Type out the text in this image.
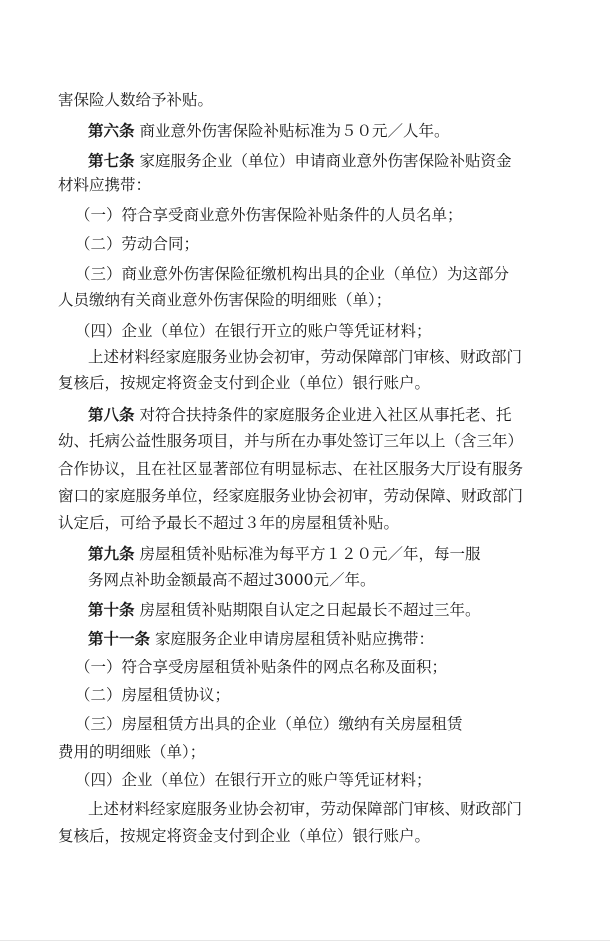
害保险人数给予补贴。
第六条 商业意外伤害保险补贴标准为５０元／人年。
第七条 家庭服务企业（单位）申请商业意外伤害保险补贴资金
材料应携带：
（一）符合享受商业意外伤害保险补贴条件的人员名单；
（二）劳动合同；
（三）商业意外伤害保险征缴机构出具的企业（单位）为这部分
人员缴纳有关商业意外伤害保险的明细账（单）；
（四）企业（单位）在银行开立的账户等凭证材料；
上述材料经家庭服务业协会初审，劳动保障部门审核、财政部门
复核后，按规定将资金支付到企业（单位）银行账户。
第八条 对符合扶持条件的家庭服务企业进入社区从事托老、托
幼、托病公益性服务项目，并与所在办事处签订三年以上（含三年）
合作协议，且在社区显著部位有明显标志、在社区服务大厅设有服务
窗口的家庭服务单位，经家庭服务业协会初审，劳动保障、财政部门
认定后，可给予最长不超过３年的房屋租赁补贴。
第九条 房屋租赁补贴标准为每平方１２０元／年，每一服
务网点补助金额最高不超过3000元／年。
第十条 房屋租赁补贴期限自认定之日起最长不超过三年。
第十一条 家庭服务企业申请房屋租赁补贴应携带：
（一）符合享受房屋租赁补贴条件的网点名称及面积；
（二）房屋租赁协议；
（三）房屋租赁方出具的企业（单位）缴纳有关房屋租赁
费用的明细账（单）；
（四）企业（单位）在银行开立的账户等凭证材料；
上述材料经家庭服务业协会初审，劳动保障部门审核、财政部门
复核后，按规定将资金支付到企业（单位）银行账户。
